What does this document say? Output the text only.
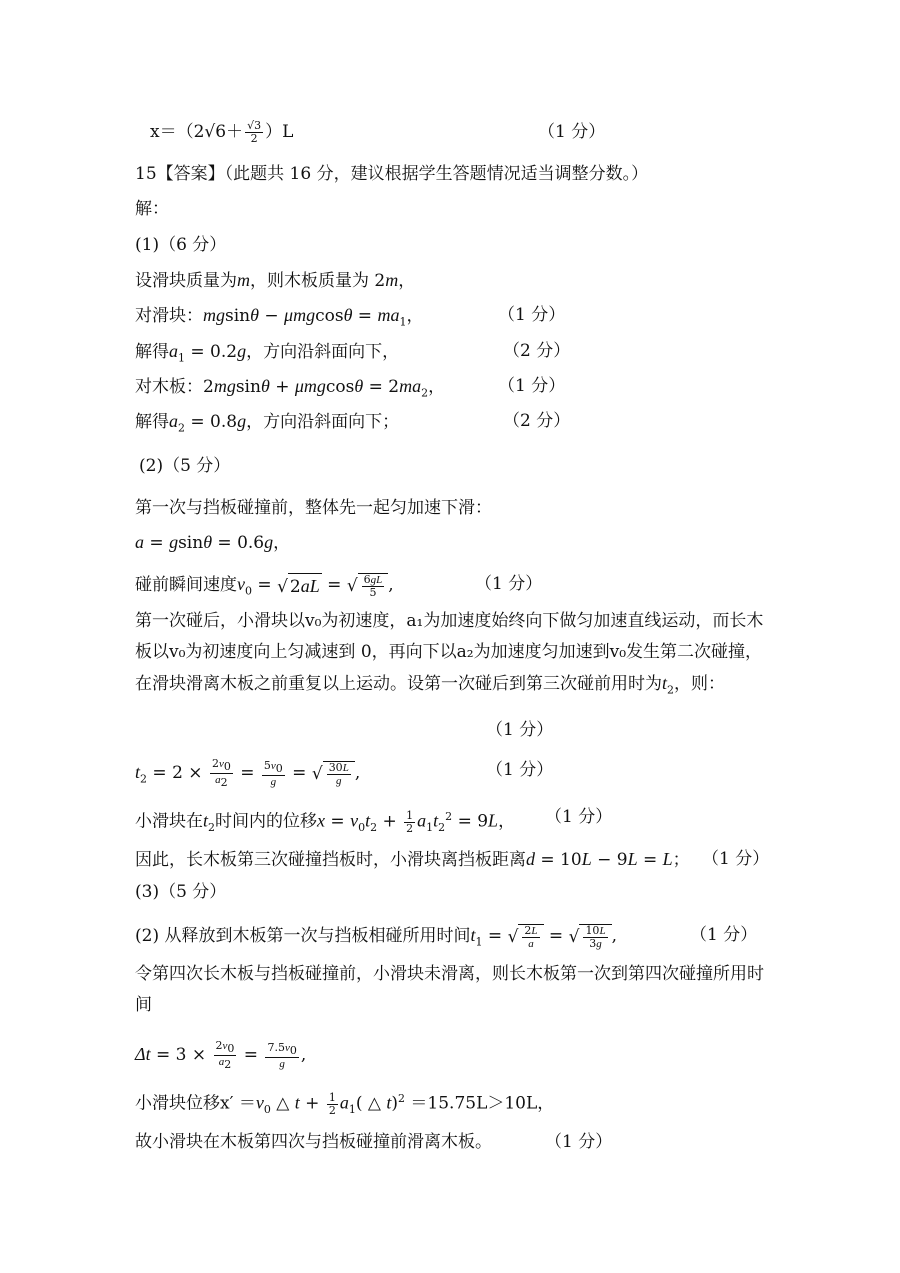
$x=(2√6+ \frac{√3}{2} )L$	（1 分）
15【答案】（此题共 16 分，建议根据学生答题情况适当调整分数。）
解：
(1)（6 分）
设滑块质量为m，则木板质量为 2m，
对滑块：$mgsin\theta - \mu mgcos\theta = ma_1$，	（1 分）
解得$a_1 = 0.2g$，方向沿斜面向下，	（2 分）
对木板：$2mgsin\theta + \mu mgcos\theta = 2ma_2$，	（1 分）
解得$a_2 = 0.8g$，方向沿斜面向下；	（2 分）
(2)（5 分）
第一次与挡板碰撞前，整体先一起匀加速下滑：
a = gsinθ = 0.6g，
碰前瞬间速度$v_0$ = √ 2aL = √ $\frac{6gL}{5}$ ,	（1 分）
第一次碰后，小滑块以v₀为初速度，a₁为加速度始终向下做匀加速直线运动，而长木板以v₀为初速度向上匀减速到 0，再向下以a₂为加速度匀加速到v₀发生第二次碰撞，在滑块滑离木板之前重复以上运动。设第一次碰后到第三次碰前用时为$t_2$，则：
（1 分）
$t_2 = 2 \times \frac{2v_0}{a_2} = \frac{5v_0}{g}$ = √ $\frac{30L}{g}$ ,	（1 分）
小滑块在$t_2$时间内的位移$x = v_0t_2 + \frac{1}{2} a_1t_2^2 = 9L$， （1 分）
因此，长木板第三次碰撞挡板时，小滑块离挡板距离d = 10L − 9L = L； （1 分）
(3)（5 分）
(2) 从释放到木板第一次与挡板相碰所用时间$t_1$ = √ $\frac{2L}{a}$ = √ $\frac{10L}{3g}$ ,	（1 分）
令第四次长木板与挡板碰撞前，小滑块未滑离，则长木板第一次到第四次碰撞所用时间
$\Delta t = 3 \times \frac{2v_0}{a_2} = \frac{7.5v_0}{g}$ ,
小滑块位移$x' =v_0$ △ $t + \frac{1}{2} a_1$( △ t)$^2$ ＝15.75L＞10L，
故小滑块在木板第四次与挡板碰撞前滑离木板。	（1 分）
